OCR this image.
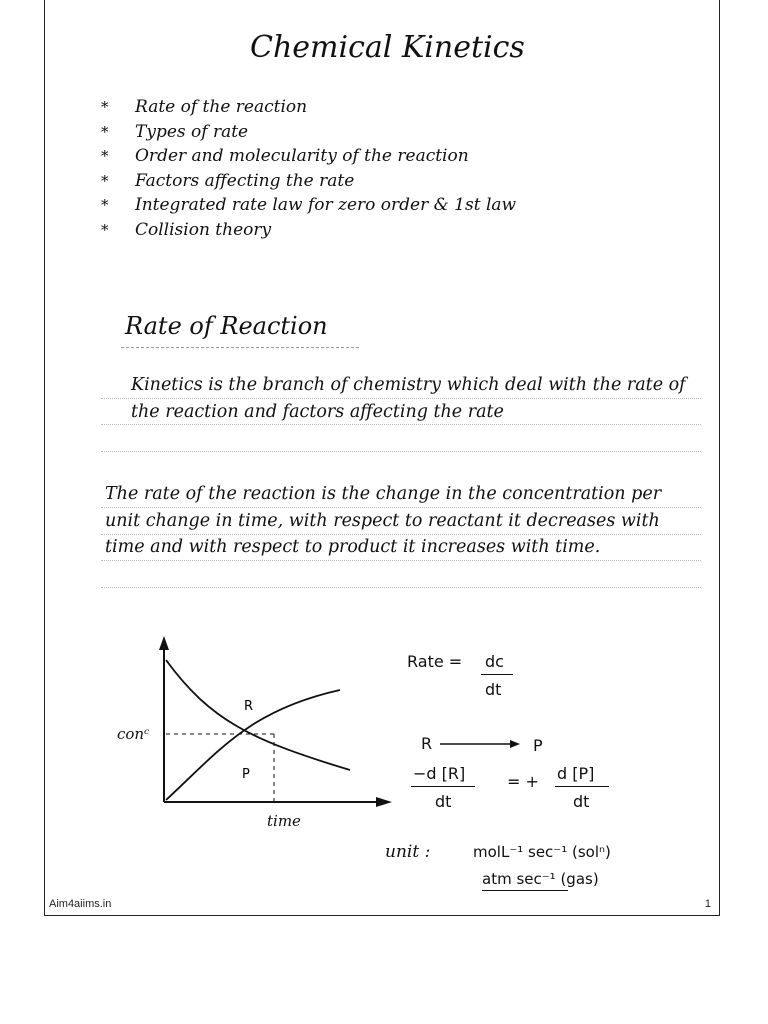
Chemical Kinetics
* Rate of the reaction
* Types of rate
* Order and molecularity of the reaction
* Factors affecting the rate
* Integrated rate law for zero order & 1st law
* Collision theory
Rate of Reaction

Kinetics is the branch of chemistry which deal with the rate of the reaction and factors affecting the rate

The rate of the reaction is the change in the concentration per unit change in time, with respect to reactant it decreases with time and with respect to product it increases with time.

R
P
conᶜ
time
Rate = dc
dt
R	P
−d [R]
dt
= + d [P]
dt
unit :	molL⁻¹ sec⁻¹ (solⁿ)
atm sec⁻¹ (gas)
Aim4aiims.in	1
